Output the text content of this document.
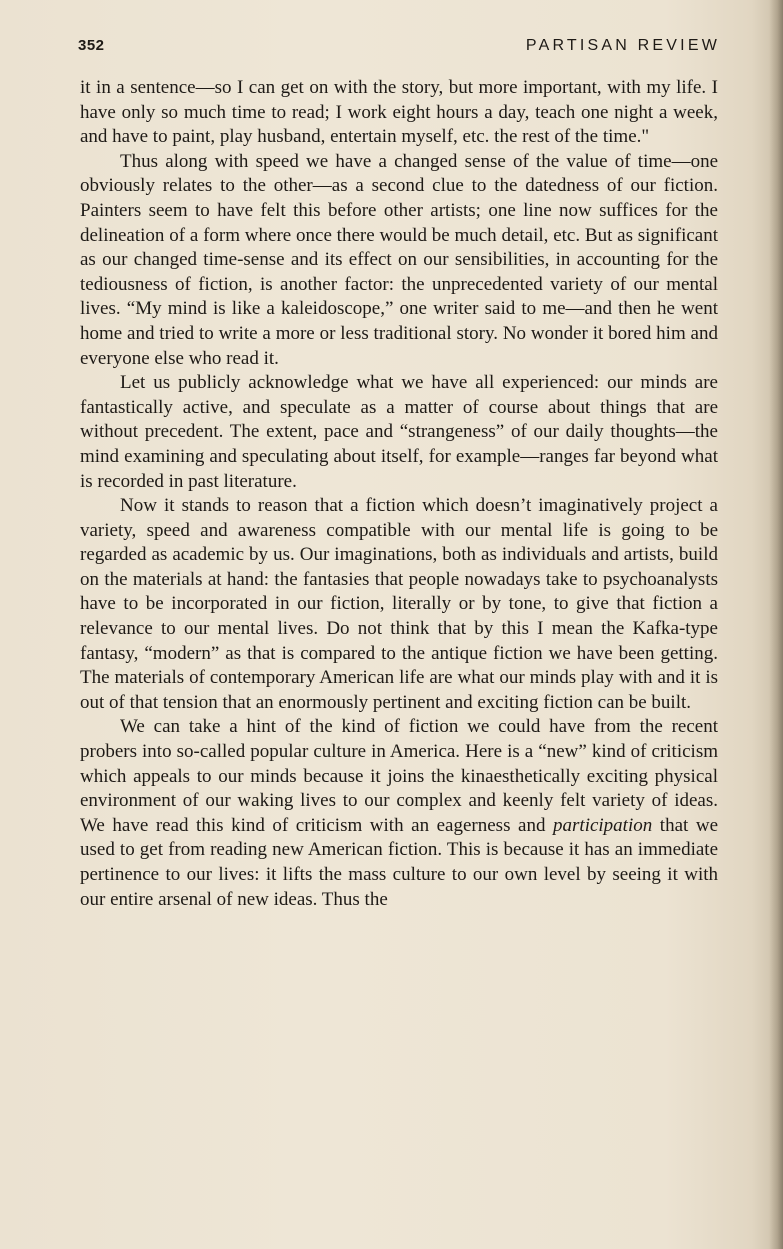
352	PARTISAN REVIEW

it in a sentence—so I can get on with the story, but more important, with my life. I have only so much time to read; I work eight hours a day, teach one night a week, and have to paint, play husband, entertain myself, etc. the rest of the time."

Thus along with speed we have a changed sense of the value of time—one obviously relates to the other—as a second clue to the datedness of our fiction. Painters seem to have felt this before other artists; one line now suffices for the delineation of a form where once there would be much detail, etc. But as significant as our changed time-sense and its effect on our sensibilities, in accounting for the tediousness of fiction, is another factor: the unprecedented variety of our mental lives. “My mind is like a kaleidoscope,” one writer said to me—and then he went home and tried to write a more or less traditional story. No wonder it bored him and everyone else who read it.

Let us publicly acknowledge what we have all experienced: our minds are fantastically active, and speculate as a matter of course about things that are without precedent. The extent, pace and “strangeness” of our daily thoughts—the mind examining and speculating about itself, for example—ranges far beyond what is recorded in past literature.

Now it stands to reason that a fiction which doesn’t imaginatively project a variety, speed and awareness compatible with our mental life is going to be regarded as academic by us. Our imaginations, both as individuals and artists, build on the materials at hand: the fantasies that people nowadays take to psychoanalysts have to be incorporated in our fiction, literally or by tone, to give that fiction a relevance to our mental lives. Do not think that by this I mean the Kafka-type fantasy, “modern” as that is compared to the antique fiction we have been getting. The materials of contemporary American life are what our minds play with and it is out of that tension that an enormously pertinent and exciting fiction can be built.

We can take a hint of the kind of fiction we could have from the recent probers into so-called popular culture in America. Here is a “new” kind of criticism which appeals to our minds because it joins the kinaesthetically exciting physical environment of our waking lives to our complex and keenly felt variety of ideas. We have read this kind of criticism with an eagerness and participation that we used to get from reading new American fiction. This is because it has an immediate pertinence to our lives: it lifts the mass culture to our own level by seeing it with our entire arsenal of new ideas. Thus the
